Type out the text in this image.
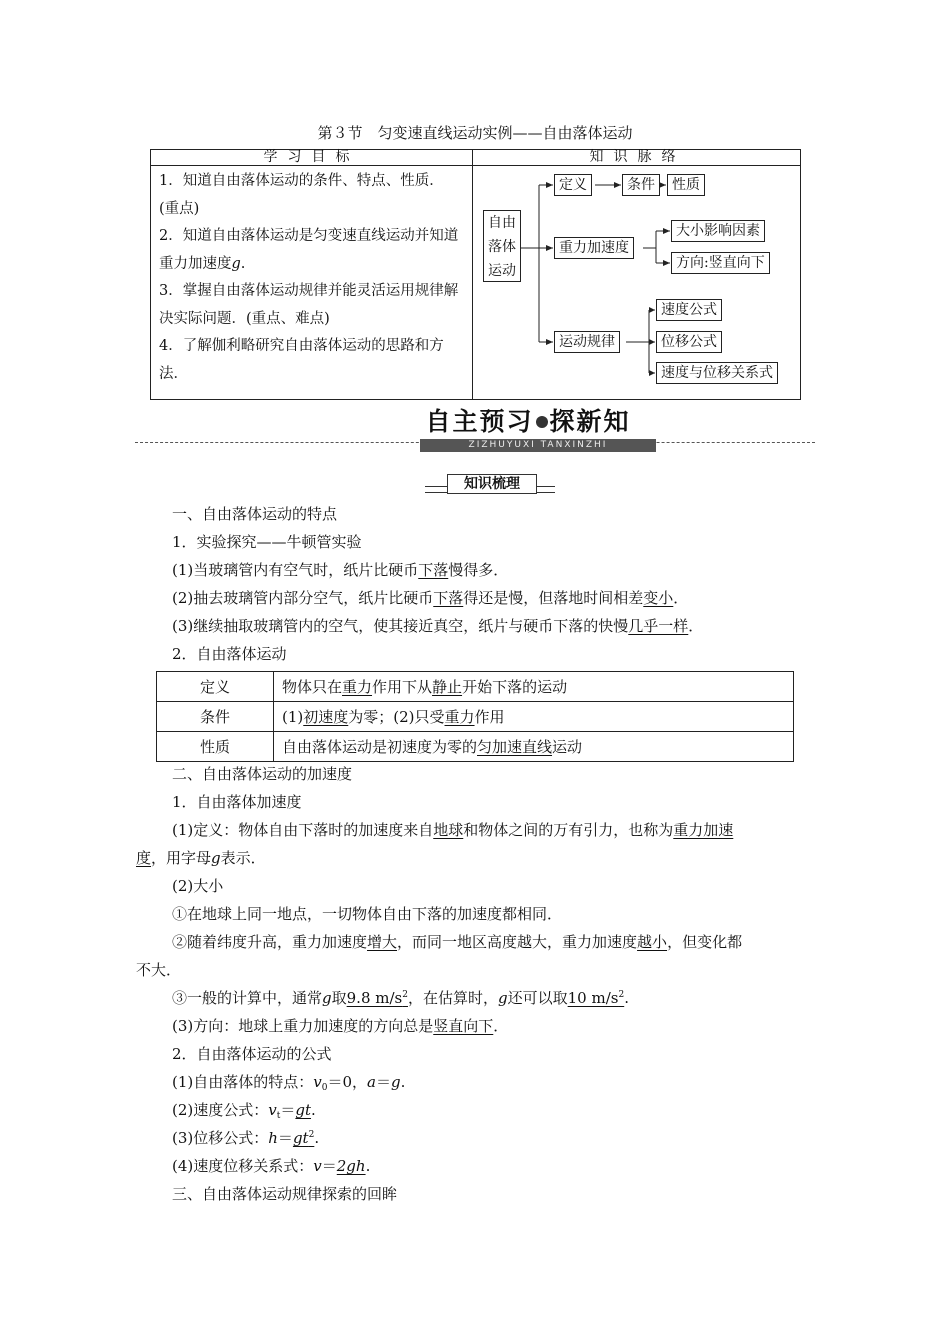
第３节　匀变速直线运动实例——自由落体运动
学习目标	知识脉络
1．知道自由落体运动的条件、特点、性质．(重点)
2．知道自由落体运动是匀变速直线运动并知道重力加速度g.
3．掌握自由落体运动规律并能灵活运用规律解决实际问题．(重点、难点)
4．了解伽利略研究自由落体运动的思路和方法．
自由落体运动
定义	条件	性质
重力加速度
大小影响因素
方向:竖直向下
运动规律
速度公式
位移公式
速度与位移关系式
自主预习 探新知
ZIZHUYUXI TANXINZHI
知识梳理
一、自由落体运动的特点
1．实验探究——牛顿管实验
(1)当玻璃管内有空气时，纸片比硬币下落慢得多．
(2)抽去玻璃管内部分空气，纸片比硬币下落得还是慢，但落地时间相差变小．
(3)继续抽取玻璃管内的空气，使其接近真空，纸片与硬币下落的快慢几乎一样．
2．自由落体运动
定义	物体只在重力作用下从静止开始下落的运动
条件	(1)初速度为零；(2)只受重力作用
性质	自由落体运动是初速度为零的匀加速直线运动
二、自由落体运动的加速度
1．自由落体加速度
(1)定义：物体自由下落时的加速度来自地球和物体之间的万有引力，也称为重力加速
度，用字母g表示．
(2)大小
①在地球上同一地点，一切物体自由下落的加速度都相同．
②随着纬度升高，重力加速度增大，而同一地区高度越大，重力加速度越小，但变化都
不大．
③一般的计算中，通常g取9.8 $m/s^2$，在估算时，g还可以取10 $m/s^2$.
(3)方向：地球上重力加速度的方向总是竖直向下．
2．自由落体运动的公式
(1)自由落体的特点：$v_0=0$，a＝g.
(2)速度公式：$v_t=gt$.
(3)位移公式：$h=gt^2$.
(4)速度位移关系式：v＝2gh.
三、自由落体运动规律探索的回眸
